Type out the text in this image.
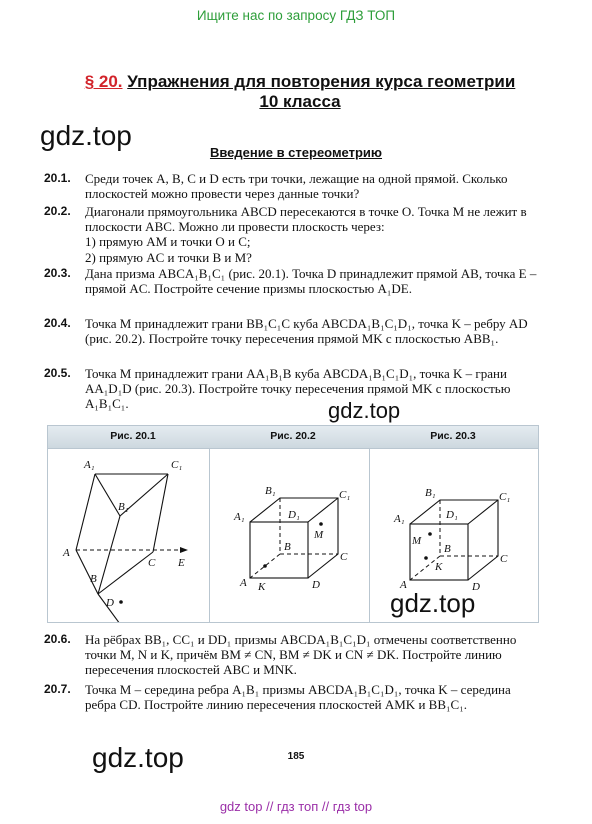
Ищите нас по запросу ГДЗ ТОП
§ 20. Упражнения для повторения курса геометрии
10 класса
gdz.top
Введение в стереометрию
20.1. Среди точек A, B, C и D есть три точки, лежащие на одной прямой. Сколько плоскостей можно провести через данные точки?
20.2. Диагонали прямоугольника ABCD пересекаются в точке O. Точка M не лежит в плоскости ABC. Можно ли провести плоскость через:
1) прямую AM и точки O и C;
2) прямую AC и точки B и M?
20.3. Дана призма ABCA₁B₁C₁ (рис. 20.1). Точка D принадлежит прямой AB, точка E – прямой AC. Постройте сечение призмы плоскостью A₁DE.
20.4. Точка M принадлежит грани BB₁C₁C куба ABCDA₁B₁C₁D₁, точка K – ребру AD (рис. 20.2). Постройте точку пересечения прямой MK с плоскостью ABB₁.
20.5. Точка M принадлежит грани AA₁B₁B куба ABCDA₁B₁C₁D₁, точка K – грани AA₁D₁D (рис. 20.3). Постройте точку пересечения прямой MK с плоскостью A₁B₁C₁.	gdz.top
Рис. 20.1	Рис. 20.2	Рис. 20.3
A₁	C₁
B₁
A
C E
B
D
B₁	C₁
A₁	D₁
M
B
C
A K	D
B₁	C₁
A₁	D₁
M
B
C
K
A	D
gdz.top
20.6. На рёбрах BB₁, CC₁ и DD₁ призмы ABCDA₁B₁C₁D₁ отмечены соответственно точки M, N и K, причём BM ≠ CN, BM ≠ DK и CN ≠ DK. Постройте линию пересечения плоскостей ABC и MNK.
20.7. Точка M – середина ребра A₁B₁ призмы ABCDA₁B₁C₁D₁, точка K – середина ребра CD. Постройте линию пересечения плоскостей AMK и BB₁C₁.
gdz.top	185
gdz top // гдз топ // гдз top
